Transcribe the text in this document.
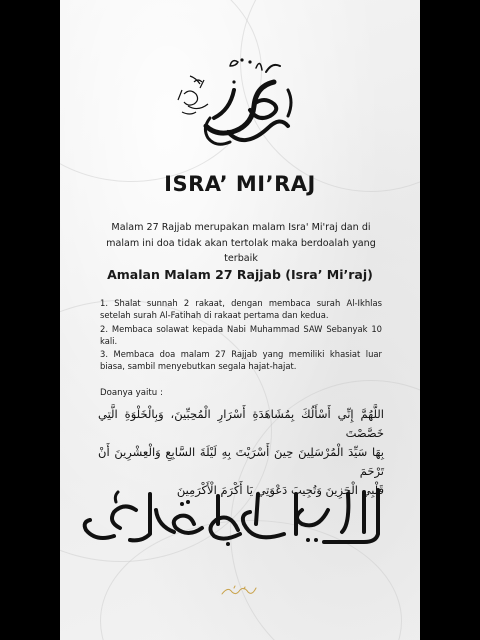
ISRA’ MI’RAJ
Malam 27 Rajjab merupakan malam Isra' Mi'raj dan di malam ini doa tidak akan tertolak maka berdoalah yang terbaik
Amalan Malam 27 Rajjab (Isra’ Mi’raj)

1. Shalat sunnah 2 rakaat, dengan membaca surah Al-Ikhlas setelah surah Al-Fatihah di rakaat pertama dan kedua.

2. Membaca solawat kepada Nabi Muhammad SAW Sebanyak 10 kali.

3. Membaca doa malam 27 Rajjab yang memiliki khasiat luar biasa, sambil menyebutkan segala hajat-hajat.

Doanya yaitu :
اللَّهُمَّ إِنِّي أَسْأَلُكَ بِمُشَاهَدَةِ أَسْرَارِ الْمُحِبِّينَ، وَبِالْخَلْوَةِ الَّتِي خَصَّصْتَ
بِهَا سَيِّدَ الْمُرْسَلِينَ حِينَ أَسْرَيْتَ بِهِ لَيْلَةَ السَّابِعِ وَالْعِشْرِينَ أَنْ تَرْحَمَ
قَلْبِي الْحَزِينَ وَتُجِيبَ دَعْوَتِي يَا أَكْرَمَ الْأَكْرَمِينَ
